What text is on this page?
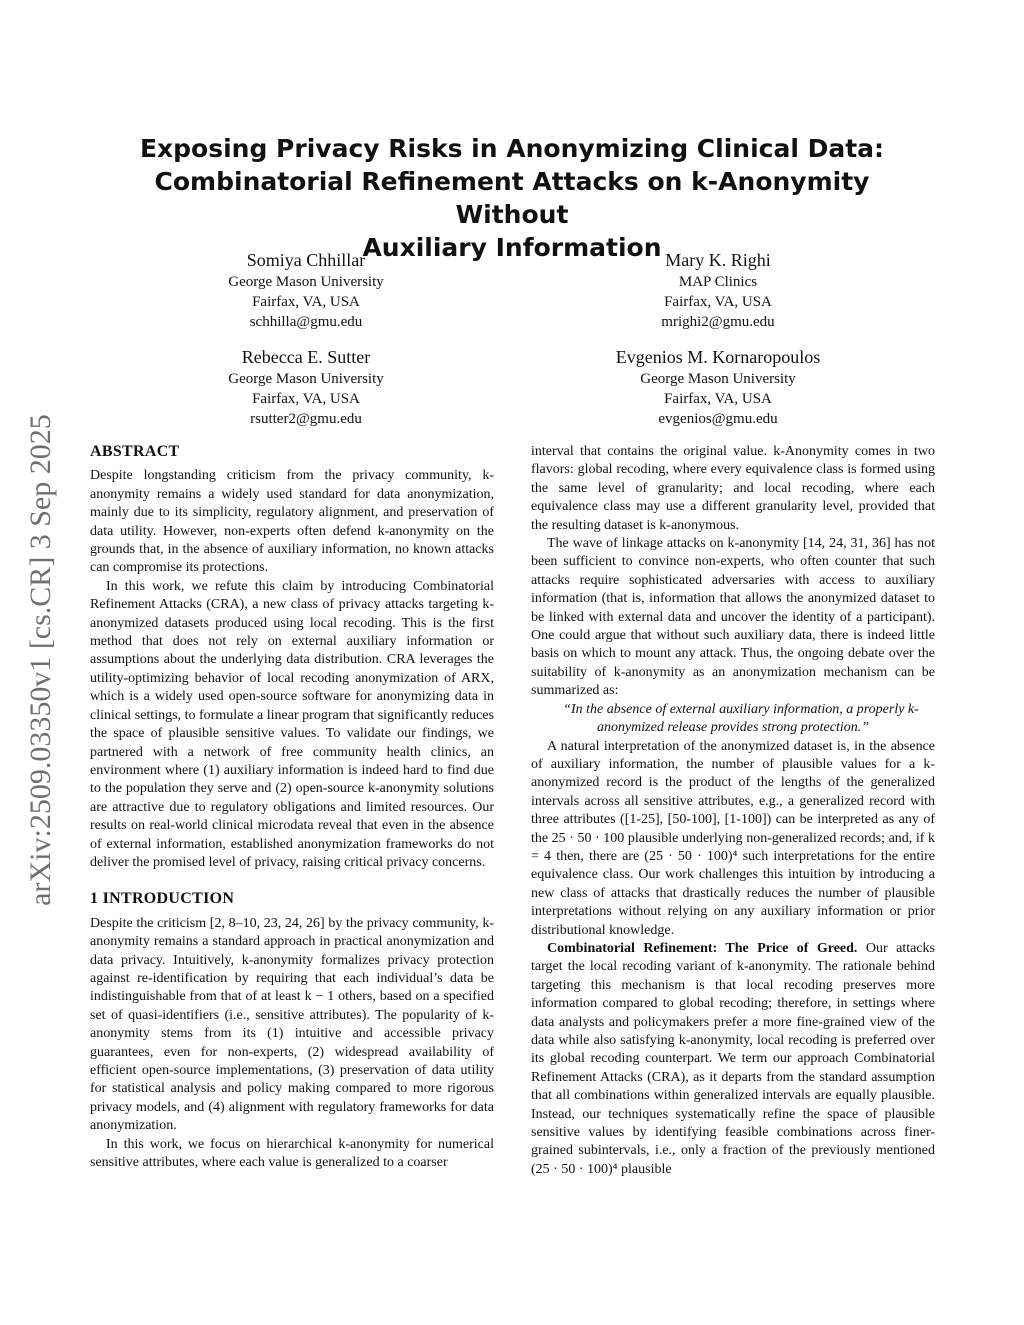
arXiv:2509.03350v1 [cs.CR] 3 Sep 2025
Exposing Privacy Risks in Anonymizing Clinical Data:
Combinatorial Refinement Attacks on k-Anonymity Without
Auxiliary Information
Somiya Chhillar
George Mason University
Fairfax, VA, USA
schhilla@gmu.edu
Mary K. Righi
MAP Clinics
Fairfax, VA, USA
mrighi2@gmu.edu
Rebecca E. Sutter
George Mason University
Fairfax, VA, USA
rsutter2@gmu.edu
Evgenios M. Kornaropoulos
George Mason University
Fairfax, VA, USA
evgenios@gmu.edu
ABSTRACT

Despite longstanding criticism from the privacy community, k-anonymity remains a widely used standard for data anonymization, mainly due to its simplicity, regulatory alignment, and preservation of data utility. However, non-experts often defend k-anonymity on the grounds that, in the absence of auxiliary information, no known attacks can compromise its protections.

In this work, we refute this claim by introducing Combinatorial Refinement Attacks (CRA), a new class of privacy attacks targeting k-anonymized datasets produced using local recoding. This is the first method that does not rely on external auxiliary information or assumptions about the underlying data distribution. CRA leverages the utility-optimizing behavior of local recoding anonymization of ARX, which is a widely used open-source software for anonymizing data in clinical settings, to formulate a linear program that significantly reduces the space of plausible sensitive values. To validate our findings, we partnered with a network of free community health clinics, an environment where (1) auxiliary information is indeed hard to find due to the population they serve and (2) open-source k-anonymity solutions are attractive due to regulatory obligations and limited resources. Our results on real-world clinical microdata reveal that even in the absence of external information, established anonymization frameworks do not deliver the promised level of privacy, raising critical privacy concerns.

1 INTRODUCTION

Despite the criticism [2, 8–10, 23, 24, 26] by the privacy community, k-anonymity remains a standard approach in practical anonymization and data privacy. Intuitively, k-anonymity formalizes privacy protection against re-identification by requiring that each individual’s data be indistinguishable from that of at least k − 1 others, based on a specified set of quasi-identifiers (i.e., sensitive attributes). The popularity of k-anonymity stems from its (1) intuitive and accessible privacy guarantees, even for non-experts, (2) widespread availability of efficient open-source implementations, (3) preservation of data utility for statistical analysis and policy making compared to more rigorous privacy models, and (4) alignment with regulatory frameworks for data anonymization.

In this work, we focus on hierarchical k-anonymity for numerical sensitive attributes, where each value is generalized to a coarser

interval that contains the original value. k-Anonymity comes in two flavors: global recoding, where every equivalence class is formed using the same level of granularity; and local recoding, where each equivalence class may use a different granularity level, provided that the resulting dataset is k-anonymous.

The wave of linkage attacks on k-anonymity [14, 24, 31, 36] has not been sufficient to convince non-experts, who often counter that such attacks require sophisticated adversaries with access to auxiliary information (that is, information that allows the anonymized dataset to be linked with external data and uncover the identity of a participant). One could argue that without such auxiliary data, there is indeed little basis on which to mount any attack. Thus, the ongoing debate over the suitability of k-anonymity as an anonymization mechanism can be summarized as:

“In the absence of external auxiliary information, a properly k-anonymized release provides strong protection.”

A natural interpretation of the anonymized dataset is, in the absence of auxiliary information, the number of plausible values for a k-anonymized record is the product of the lengths of the generalized intervals across all sensitive attributes, e.g., a generalized record with three attributes ([1-25], [50-100], [1-100]) can be interpreted as any of the 25 · 50 · 100 plausible underlying non-generalized records; and, if k = 4 then, there are (25 · 50 · 100)⁴ such interpretations for the entire equivalence class. Our work challenges this intuition by introducing a new class of attacks that drastically reduces the number of plausible interpretations without relying on any auxiliary information or prior distributional knowledge.

Combinatorial Refinement: The Price of Greed. Our attacks target the local recoding variant of k-anonymity. The rationale behind targeting this mechanism is that local recoding preserves more information compared to global recoding; therefore, in settings where data analysts and policymakers prefer a more fine-grained view of the data while also satisfying k-anonymity, local recoding is preferred over its global recoding counterpart. We term our approach Combinatorial Refinement Attacks (CRA), as it departs from the standard assumption that all combinations within generalized intervals are equally plausible. Instead, our techniques systematically refine the space of plausible sensitive values by identifying feasible combinations across finer-grained subintervals, i.e., only a fraction of the previously mentioned (25 · 50 · 100)⁴ plausible
